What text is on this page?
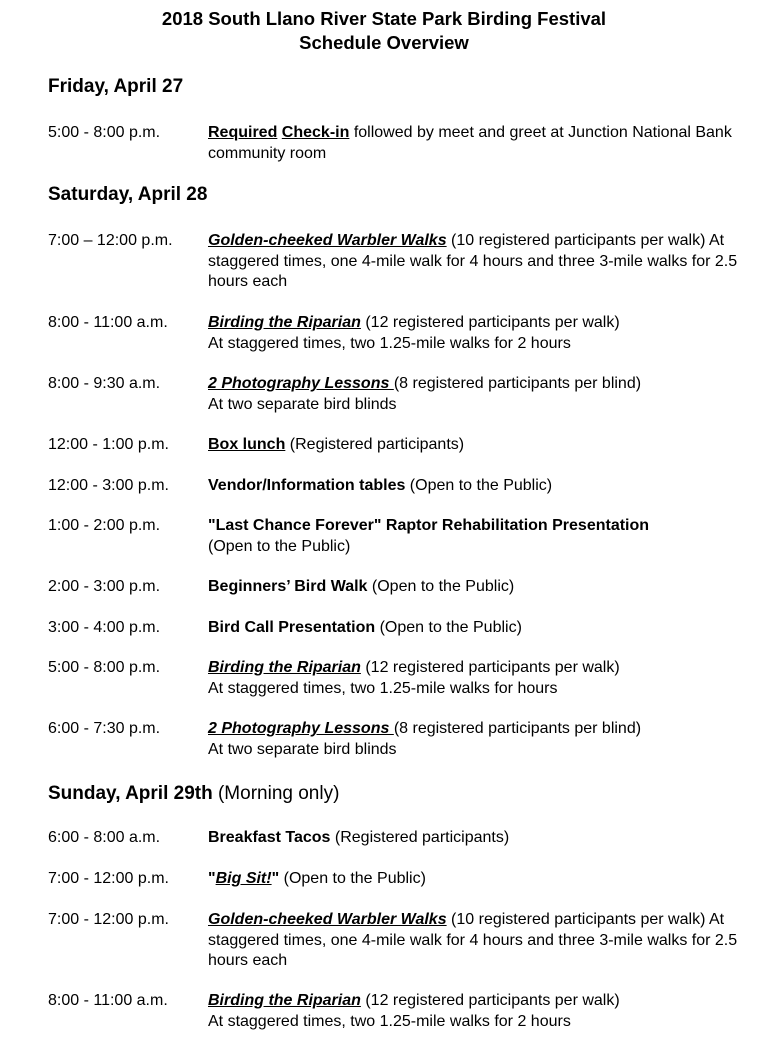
2018 South Llano River State Park Birding Festival
Schedule Overview
Friday, April 27
5:00 - 8:00 p.m.	Required Check-in followed by meet and greet at Junction National Bank community room
Saturday, April 28
7:00 – 12:00 p.m. Golden-cheeked Warbler Walks (10 registered participants per walk) At staggered times, one 4-mile walk for 4 hours and three 3-mile walks for 2.5 hours each
8:00 - 11:00 a.m.	Birding the Riparian (12 registered participants per walk)
At staggered times, two 1.25-mile walks for 2 hours
8:00 - 9:30 a.m.	2 Photography Lessons (8 registered participants per blind)
At two separate bird blinds
12:00 - 1:00 p.m. Box lunch (Registered participants)
12:00 - 3:00 p.m. Vendor/Information tables (Open to the Public)
1:00 - 2:00 p.m.	"Last Chance Forever" Raptor Rehabilitation Presentation
(Open to the Public)
2:00 - 3:00 p.m.	Beginners’ Bird Walk (Open to the Public)
3:00 - 4:00 p.m.	Bird Call Presentation (Open to the Public)
5:00 - 8:00 p.m.	Birding the Riparian (12 registered participants per walk)
At staggered times, two 1.25-mile walks for hours
6:00 - 7:30 p.m.	2 Photography Lessons (8 registered participants per blind)
At two separate bird blinds
Sunday, April 29th (Morning only)
6:00 - 8:00 a.m.	Breakfast Tacos (Registered participants)
7:00 - 12:00 p.m. "Big Sit!" (Open to the Public)
7:00 - 12:00 p.m. Golden-cheeked Warbler Walks (10 registered participants per walk) At staggered times, one 4-mile walk for 4 hours and three 3-mile walks for 2.5 hours each
8:00 - 11:00 a.m.	Birding the Riparian (12 registered participants per walk)
At staggered times, two 1.25-mile walks for 2 hours
